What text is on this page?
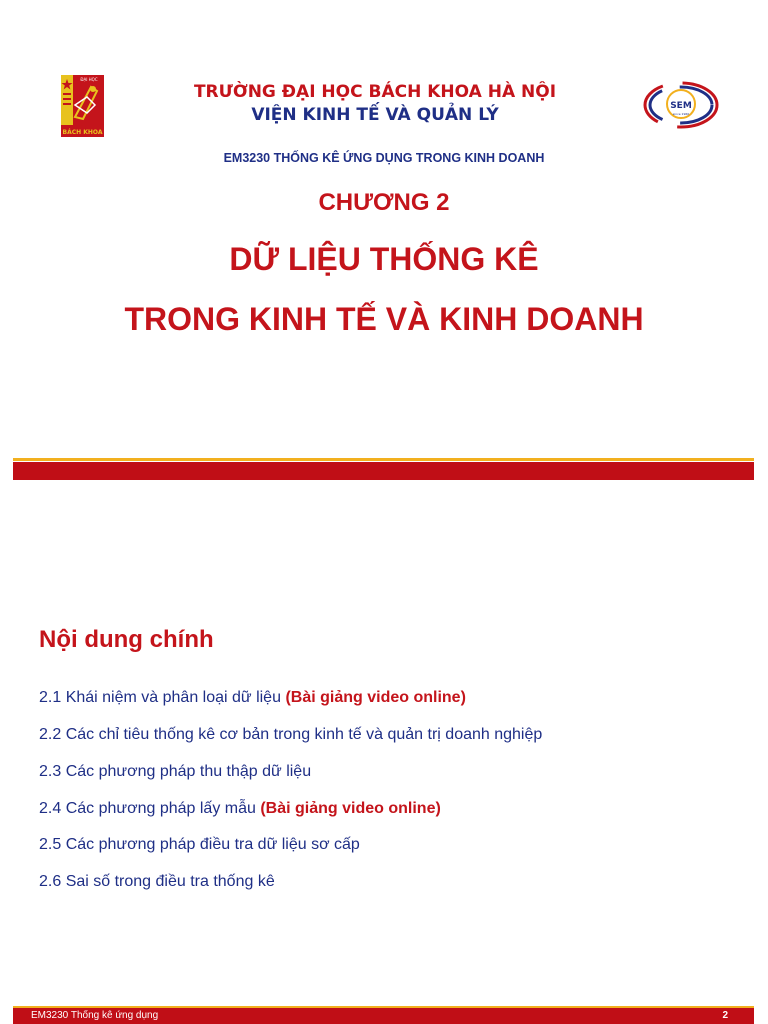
ĐẠI HỌC
BÁCH KHOA
SEM
since 1960
TRƯỜNG ĐẠI HỌC BÁCH KHOA HÀ NỘI
VIỆN KINH TẾ VÀ QUẢN LÝ
EM3230 THỐNG KÊ ỨNG DỤNG TRONG KINH DOANH
CHƯƠNG 2
DỮ LIỆU THỐNG KÊ
TRONG KINH TẾ VÀ KINH DOANH
Nội dung chính
2.1 Khái niệm và phân loại dữ liệu (Bài giảng video online)
2.2 Các chỉ tiêu thống kê cơ bản trong kinh tế và quản trị doanh nghiệp
2.3 Các phương pháp thu thập dữ liệu
2.4 Các phương pháp lấy mẫu (Bài giảng video online)
2.5 Các phương pháp điều tra dữ liệu sơ cấp
2.6 Sai số trong điều tra thống kê
EM3230 Thống kê ứng dụng	2
